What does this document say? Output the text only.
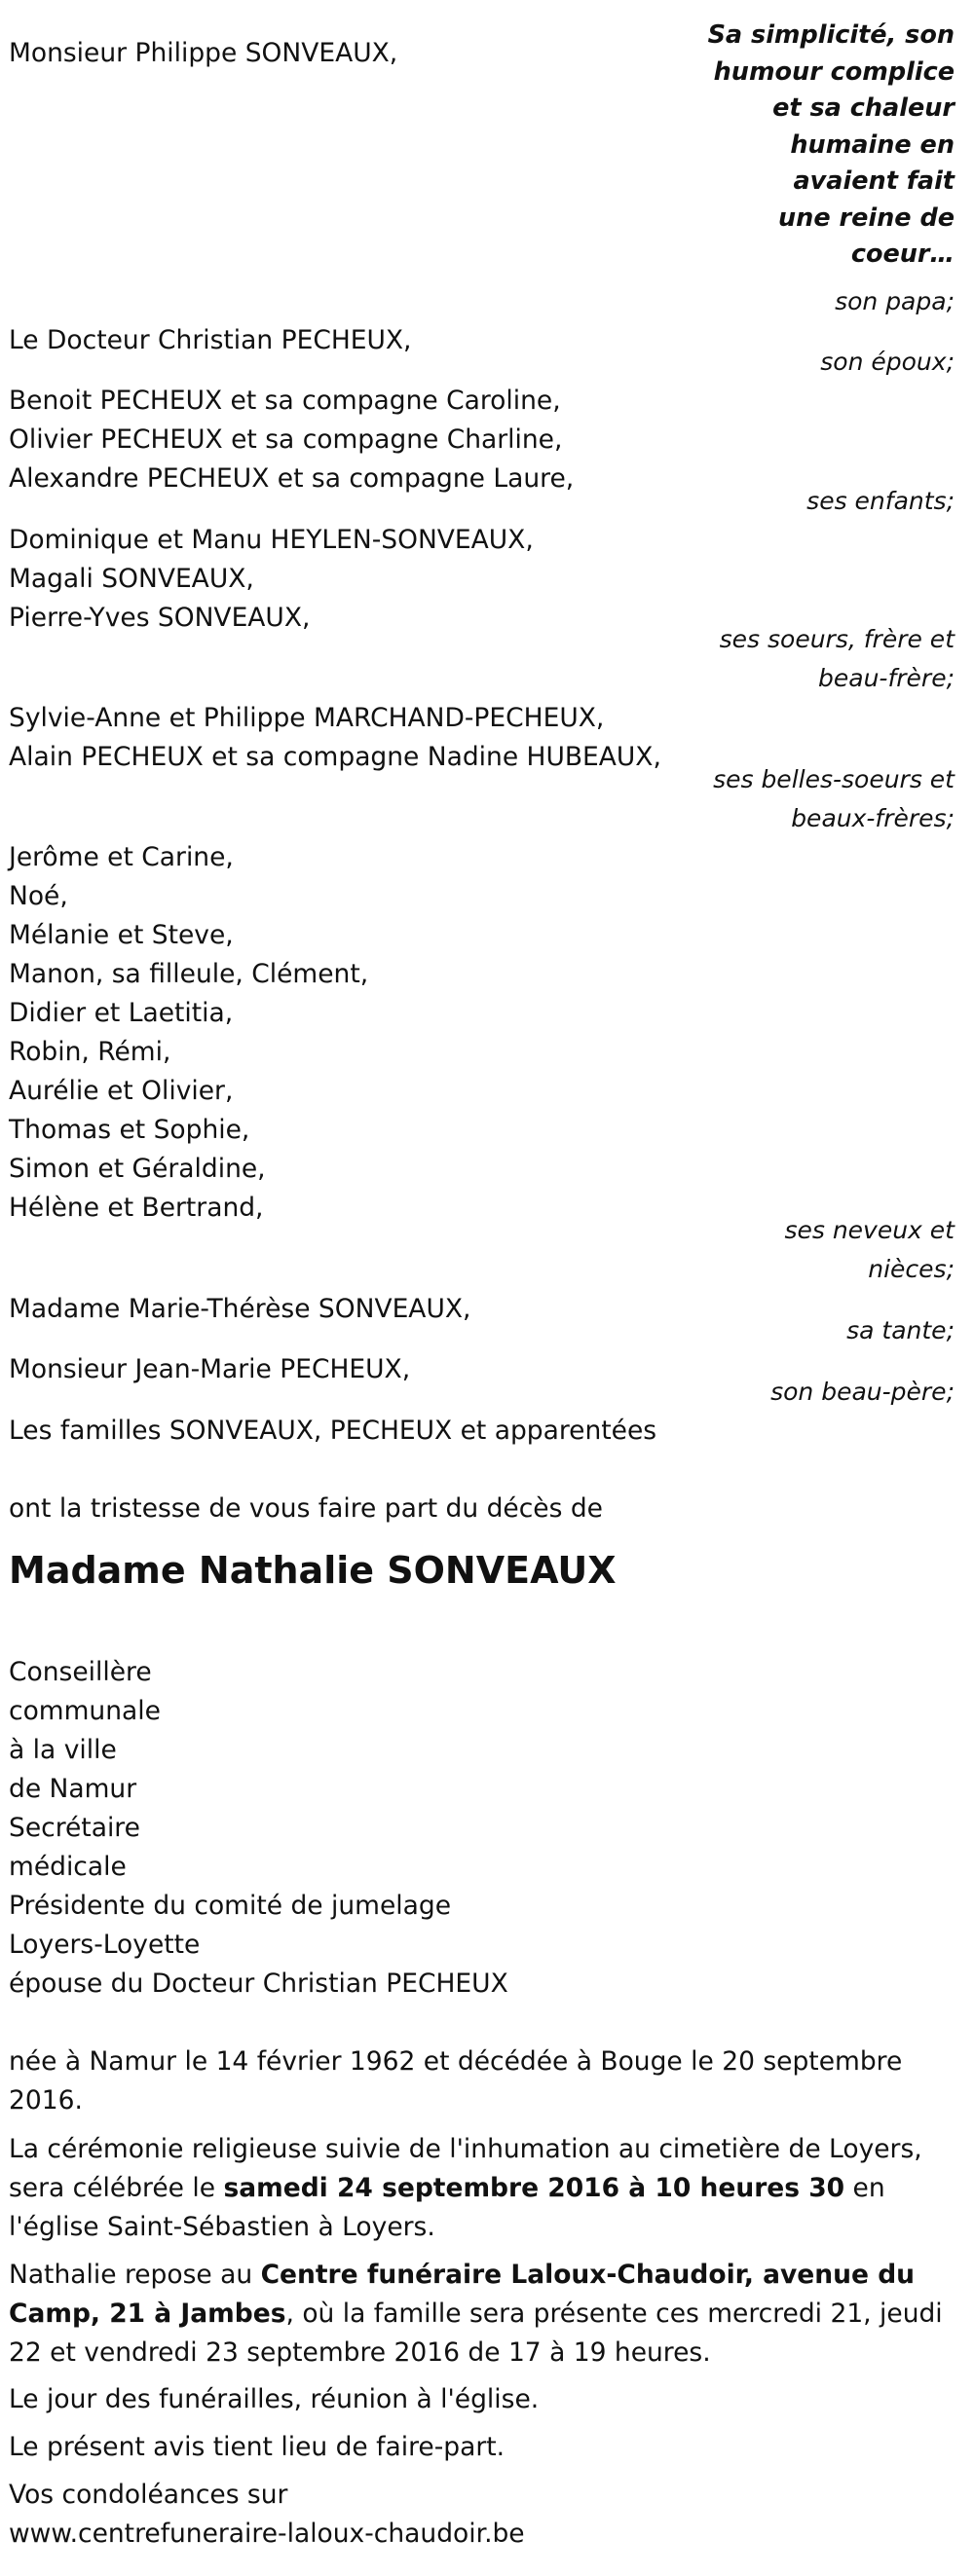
Sa simplicité, son
humour complice
et sa chaleur
humaine en
avaient fait
une reine de
coeur…
Monsieur Philippe SONVEAUX,
son papa;
Le Docteur Christian PECHEUX,
son époux;
Benoit PECHEUX et sa compagne Caroline,
Olivier PECHEUX et sa compagne Charline,
Alexandre PECHEUX et sa compagne Laure,
ses enfants;
Dominique et Manu HEYLEN-SONVEAUX,
Magali SONVEAUX,
Pierre-Yves SONVEAUX,
ses soeurs, frère et
beau-frère;
Sylvie-Anne et Philippe MARCHAND-PECHEUX,
Alain PECHEUX et sa compagne Nadine HUBEAUX,
ses belles-soeurs et
beaux-frères;
Jerôme et Carine,
Noé,
Mélanie et Steve,
Manon, sa filleule, Clément,
Didier et Laetitia,
Robin, Rémi,
Aurélie et Olivier,
Thomas et Sophie,
Simon et Géraldine,
Hélène et Bertrand,
ses neveux et
nièces;
Madame Marie-Thérèse SONVEAUX,
sa tante;
Monsieur Jean-Marie PECHEUX,
son beau-père;
Les familles SONVEAUX, PECHEUX et apparentées
ont la tristesse de vous faire part du décès de
Madame Nathalie SONVEAUX
Conseillère
communale
à la ville
de Namur
Secrétaire
médicale
Présidente du comité de jumelage
Loyers-Loyette
épouse du Docteur Christian PECHEUX
née à Namur le 14 février 1962 et décédée à Bouge le 20 septembre 2016.
La cérémonie religieuse suivie de l'inhumation au cimetière de Loyers, sera célébrée le samedi 24 septembre 2016 à 10 heures 30 en l'église Saint-Sébastien à Loyers.
Nathalie repose au Centre funéraire Laloux-Chaudoir, avenue du Camp, 21 à Jambes, où la famille sera présente ces mercredi 21, jeudi 22 et vendredi 23 septembre 2016 de 17 à 19 heures.
Le jour des funérailles, réunion à l'église.
Le présent avis tient lieu de faire-part.
Vos condoléances sur
www.centrefuneraire-laloux-chaudoir.be
